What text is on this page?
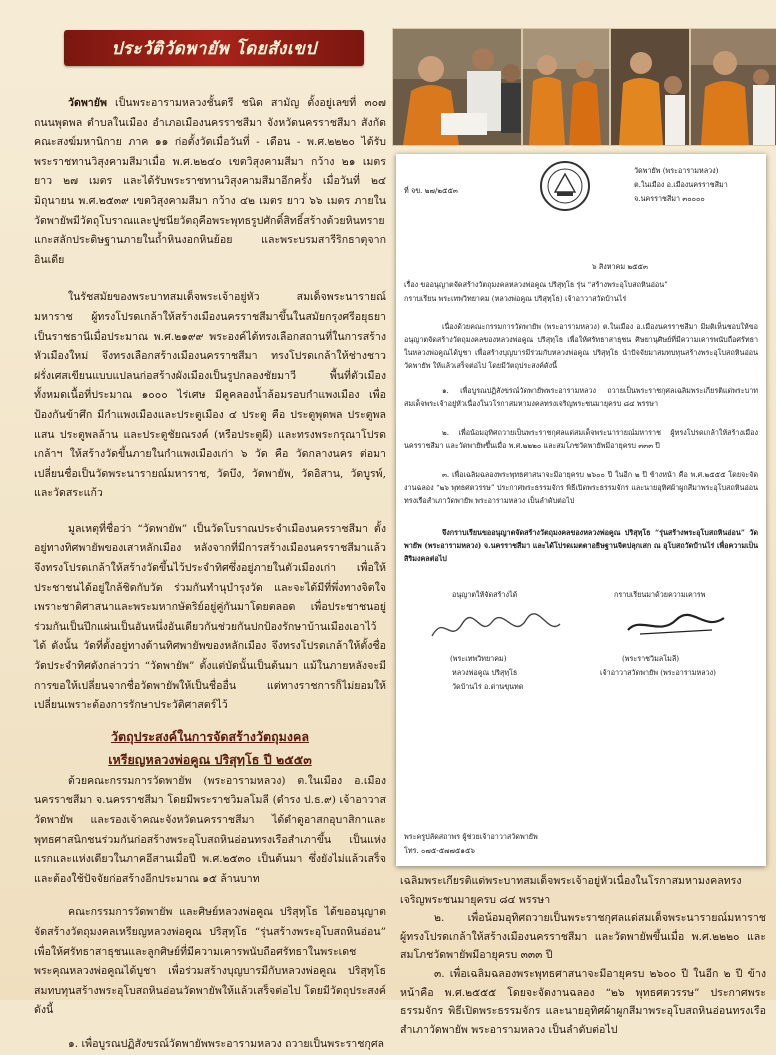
ประวัติวัดพายัพ โดยสังเขป

วัดพายัพ เป็นพระอารามหลวงชั้นตรี ชนิด สามัญ ตั้งอยู่เลขที่ ๓๐๗ ถนนพุดพล ตำบลในเมือง อำเภอเมืองนครราชสีมา จังหวัดนครราชสีมา สังกัดคณะสงฆ์มหานิกาย ภาค ๑๑ ก่อตั้งวัดเมื่อวันที่ - เดือน - พ.ศ.๒๒๒๐ ได้รับพระราชทานวิสุงคามสีมาเมื่อ พ.ศ.๒๒๔๐ เขตวิสุงคามสีมา กว้าง ๒๑ เมตร ยาว ๒๗ เมตร และได้รับพระราชทานวิสุงคามสีมาอีกครั้ง เมื่อวันที่ ๒๔ มิถุนายน พ.ศ.๒๕๓๙ เขตวิสุงคามสีมา กว้าง ๔๒ เมตร ยาว ๖๖ เมตร ภายในวัดพายัพมีวัตถุโบราณและปูชนียวัตถุคือพระพุทธรูปศักดิ์สิทธิ์สร้างด้วยหินทรายแกะสลักประดิษฐานภายในถ้ำหินงอกหินย้อย และพระบรมสารีริกธาตุจากอินเดีย

ในรัชสมัยของพระบาทสมเด็จพระเจ้าอยู่หัว สมเด็จพระนารายณ์มหาราช ผู้ทรงโปรดเกล้าให้สร้างเมืองนครราชสีมาขึ้นในสมัยกรุงศรีอยุธยาเป็นราชธานีเมื่อประมาณ พ.ศ.๒๑๙๙ พระองค์ได้ทรงเลือกสถานที่ในการสร้างหัวเมืองใหม่ จึงทรงเลือกสร้างเมืองนครราชสีมา ทรงโปรดเกล้าให้ช่างชาวฝรั่งเศสเขียนแบบแปลนก่อสร้างผังเมืองเป็นรูปกลองชัยมาวี พื้นที่ตัวเมืองทั้งหมดเนื้อที่ประมาณ ๑๐๐๐ ไร่เศษ มีคูคลองน้ำล้อมรอบกำแพงเมือง เพื่อป้องกันข้าศึก มีกำแพงเมืองและประตูเมือง ๔ ประตู คือ ประตูพุดพล ประตูพลแสน ประตูพลล้าน และประตูชัยณรงค์ (หรือประตูผี) และทรงพระกรุณาโปรดเกล้าฯ ให้สร้างวัดขึ้นภายในกำแพงเมืองเก่า ๖ วัด คือ วัดกลางนคร ต่อมาเปลี่ยนชื่อเป็นวัดพระนารายณ์มหาราช, วัดบึง, วัดพายัพ, วัดอิสาน, วัดบูรพ์, และวัดสระแก้ว

มูลเหตุที่ชื่อว่า “วัดพายัพ” เป็นวัดโบราณประจำเมืองนครราชสีมา ตั้งอยู่ทางทิศพายัพของเสาหลักเมือง หลังจากที่มีการสร้างเมืองนครราชสีมาแล้ว จึงทรงโปรดเกล้าให้สร้างวัดขึ้นไว้ประจำทิศซึ่งอยู่ภายในตัวเมืองเก่า เพื่อให้ประชาชนได้อยู่ใกล้ชิดกับวัด ร่วมกันทำนุบำรุงวัด และจะได้มีที่พึ่งทางจิตใจ เพราะชาติศาสนาและพระมหากษัตริย์อยู่คู่กันมาโดยตลอด เพื่อประชาชนอยู่ร่วมกันเป็นปึกแผ่นเป็นอันหนึ่งอันเดียวกันช่วยกันปกป้องรักษาบ้านเมืองเอาไว้ได้ ดังนั้น วัดที่ตั้งอยู่ทางด้านทิศพายัพของหลักเมือง จึงทรงโปรดเกล้าให้ตั้งชื่อวัดประจำทิศดังกล่าวว่า “วัดพายัพ” ตั้งแต่บัดนั้นเป็นต้นมา แม้ในภายหลังจะมีการขอให้เปลี่ยนจากชื่อวัดพายัพให้เป็นชื่ออื่น แต่ทางราชการก็ไม่ยอมให้เปลี่ยนเพราะต้องการรักษาประวัติศาสตร์ไว้

วัตถุประสงค์ในการจัดสร้างวัตถุมงคล
เหรียญหลวงพ่อคูณ ปริสุทฺโธ ปี ๒๕๕๓

ด้วยคณะกรรมการวัดพายัพ (พระอารามหลวง) ต.ในเมือง อ.เมืองนครราชสีมา จ.นครราชสีมา โดยมีพระราชวิมลโมลี (ดำรง ป.ธ.๙) เจ้าอาวาสวัดพายัพ และรองเจ้าคณะจังหวัดนครราชสีมา ได้ดำดูอาสกอุบาสิกาและพุทธศาสนิกชนร่วมกันก่อสร้างพระอุโบสถหินอ่อนทรงเรือสำเภาขึ้น เป็นแห่งแรกและแห่งเดียวในภาคอีสานเมื่อปี พ.ศ.๒๕๓๐ เป็นต้นมา ซึ่งยังไม่แล้วเสร็จ และต้องใช้ปัจจัยก่อสร้างอีกประมาณ ๑๕ ล้านบาท

คณะกรรมการวัดพายัพ และศิษย์หลวงพ่อคูณ ปริสุทฺโธ ได้ขออนุญาตจัดสร้างวัตถุมงคลเหรียญหลวงพ่อคูณ ปริสุทฺโธ “รุ่นสร้างพระอุโบสถหินอ่อน” เพื่อให้ศรัทธาสาธุชนและลูกศิษย์ที่มีความเคารพนับถือศรัทธาในพระเดชพระคุณหลวงพ่อคูณได้บูชา เพื่อร่วมสร้างบุญบารมีกับหลวงพ่อคูณ ปริสุทฺโธ สมทบทุนสร้างพระอุโบสถหินอ่อนวัดพายัพให้แล้วเสร็จต่อไป โดยมีวัตถุประสงค์ดังนี้

๑. เพื่อบูรณปฏิสังขรณ์วัดพายัพพระอารามหลวง ถวายเป็นพระราชกุศล

ที่ จข. ๒๗/๒๕๕๓
วัดพายัพ (พระอารามหลวง)
ต.ในเมือง อ.เมืองนครราชสีมา
จ.นครราชสีมา ๓๐๐๐๐
๖ สิงหาคม ๒๕๕๓
เรื่อง ขออนุญาตจัดสร้างวัตถุมงคลหลวงพ่อคูณ ปริสุทฺโธ รุ่น “สร้างพระอุโบสถหินอ่อน”
กราบเรียน พระเทพวิทยาคม (หลวงพ่อคูณ ปริสุทฺโธ) เจ้าอาวาสวัดบ้านไร่
เนื่องด้วยคณะกรรมการวัดพายัพ (พระอารามหลวง) ต.ในเมือง อ.เมืองนครราชสีมา มีมติเห็นชอบให้ขออนุญาตจัดสร้างวัตถุมงคลของหลวงพ่อคูณ ปริสุทฺโธ เพื่อให้ศรัทธาสาธุชน ศิษยานุศิษย์ที่มีความเคารพนับถือศรัทธาในหลวงพ่อคูณได้บูชา เพื่อสร้างบุญบารมีร่วมกับหลวงพ่อคูณ ปริสุทฺโธ นำปัจจัยมาสมทบทุนสร้างพระอุโบสถหินอ่อนวัดพายัพ ให้แล้วเสร็จต่อไป โดยมีวัตถุประสงค์ดังนี้
๑. เพื่อบูรณปฏิสังขรณ์วัดพายัพพระอารามหลวง ถวายเป็นพระราชกุศลเฉลิมพระเกียรติแด่พระบาทสมเด็จพระเจ้าอยู่หัวเนื่องในวโรกาสมหามงคลทรงเจริญพระชนมายุครบ ๘๔ พรรษา
๒. เพื่อน้อมอุทิศถวายเป็นพระราชกุศลแด่สมเด็จพระนารายณ์มหาราช ผู้ทรงโปรดเกล้าให้สร้างเมืองนครราชสีมา และวัดพายัพขึ้นเมื่อ พ.ศ.๒๒๒๐ และสมโภชวัดพายัพมีอายุครบ ๓๓๓ ปี
๓. เพื่อเฉลิมฉลองพระพุทธศาสนาจะมีอายุครบ ๒๖๐๐ ปี ในอีก ๒ ปี ข้างหน้า คือ พ.ศ.๒๕๕๕ โดยจะจัดงานฉลอง “๒๖ พุทธศตวรรษ” ประกาศพระธรรมจักร พิธีเปิดพระธรรมจักร และนายอุทิศผ้าผูกสีมาพระอุโบสถหินอ่อนทรงเรือสำเภาวัดพายัพ พระอารามหลวง เป็นลำดับต่อไป
จึงกราบเรียนขออนุญาตจัดสร้างวัตถุมงคลของหลวงพ่อคูณ ปริสุทฺโธ “รุ่นสร้างพระอุโบสถหินอ่อน” วัดพายัพ (พระอารามหลวง) จ.นครราชสีมา และได้โปรดเมตตาอธิษฐานจิตปลุกเสก ณ อุโบสถวัดบ้านไร่ เพื่อความเป็นสิริมงคลต่อไป
อนุญาตให้จัดสร้างได้	กราบเรียนมาด้วยความเคารพ
(พระเทพวิทยาคม)
หลวงพ่อคูณ ปริสุทฺโธ
วัดบ้านไร่ อ.ด่านขุนทด
(พระราชวิมลโมลี)
เจ้าอาวาสวัดพายัพ (พระอารามหลวง)
พระครูปลัดสถาพร ผู้ช่วยเจ้าอาวาสวัดพายัพ
โทร. ๐๗๕-๕๗๗๕๑๕๖

เฉลิมพระเกียรติแด่พระบาทสมเด็จพระเจ้าอยู่หัวเนื่องในโรกาสมหามงคลทรงเจริญพระชนมายุครบ ๘๔ พรรษา

๒. เพื่อน้อมอุทิศถวายเป็นพระราชกุศลแด่สมเด็จพระนารายณ์มหาราช ผู้ทรงโปรดเกล้าให้สร้างเมืองนครราชสีมา และวัดพายัพขึ้นเมื่อ พ.ศ.๒๒๒๐ และสมโภชวัดพายัพมีอายุครบ ๓๓๓ ปี

๓. เพื่อเฉลิมฉลองพระพุทธศาสนาจะมีอายุครบ ๒๖๐๐ ปี ในอีก ๒ ปี ข้างหน้าคือ พ.ศ.๒๕๕๕ โดยจะจัดงานฉลอง “๒๖ พุทธศตวรรษ” ประกาศพระธรรมจักร พิธีเปิดพระธรรมจักร และนายอุทิศผ้าผูกสีมาพระอุโบสถหินอ่อนทรงเรือสำเภาวัดพายัพ พระอารามหลวง เป็นลำดับต่อไป
